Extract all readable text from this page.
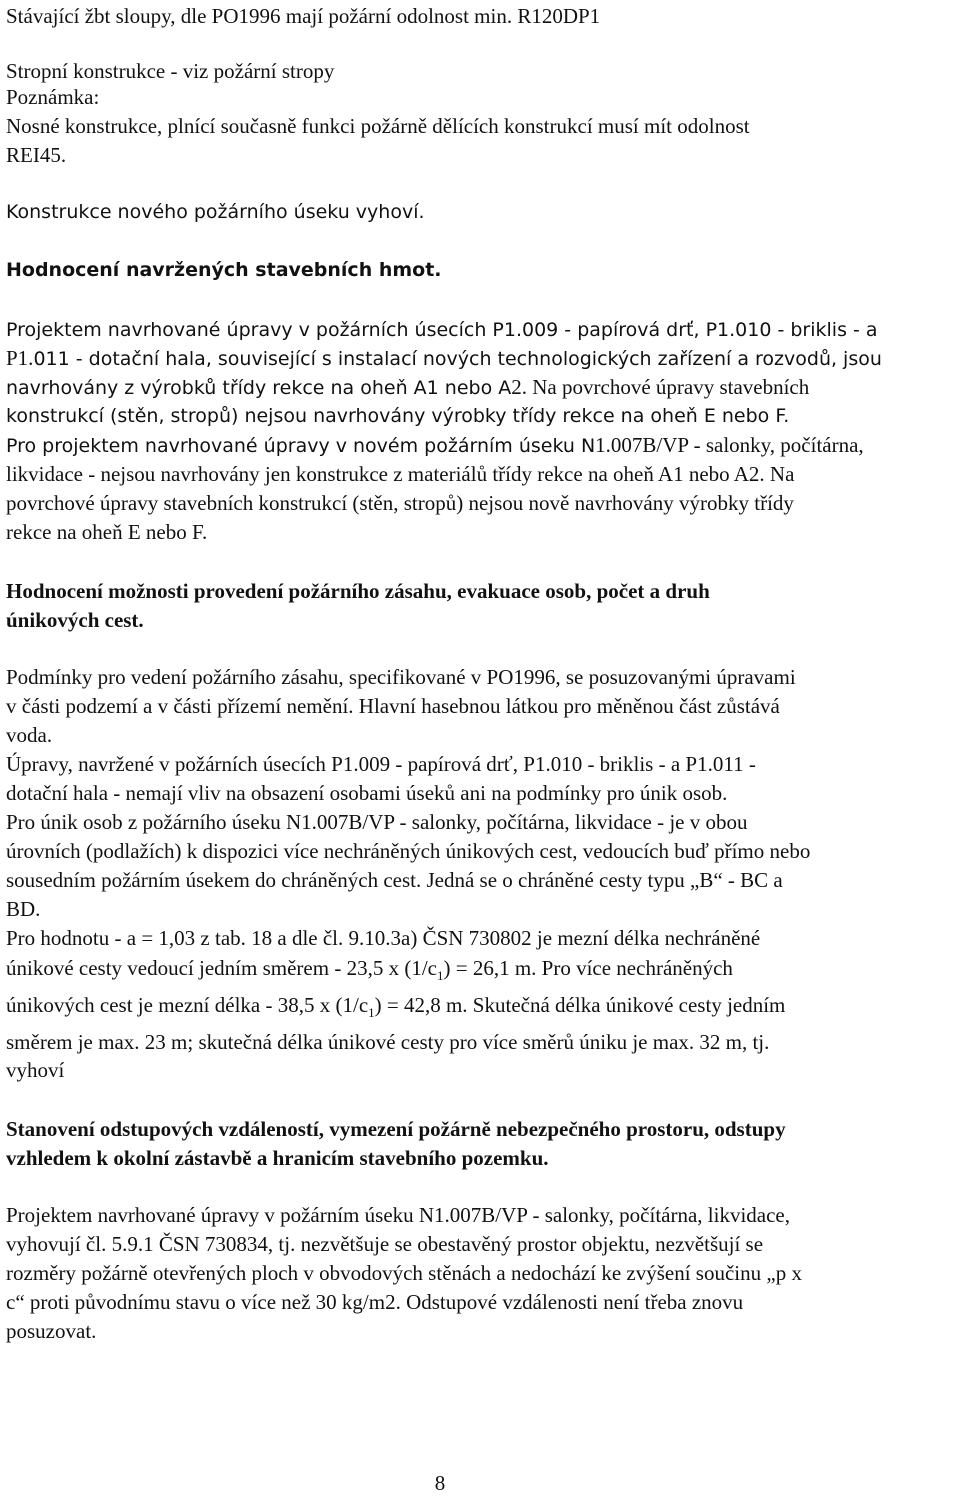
Stávající žbt sloupy, dle PO1996 mají požární odolnost min. R120DP1

Stropní konstrukce - viz požární stropy

Poznámka:

Nosné konstrukce, plnící současně funkci požárně dělících konstrukcí musí mít odolnost

REI45.

Konstrukce nového požárního úseku vyhoví.

Hodnocení navržených stavebních hmot.

Projektem navrhované úpravy v požárních úsecích P1.009 - papírová drť, P1.010 - briklis - a

P1.011 - dotační hala, související s instalací nových technologických zařízení a rozvodů, jsou

navrhovány z výrobků třídy rekce na oheň A1 nebo A2. Na povrchové úpravy stavebních

konstrukcí (stěn, stropů) nejsou navrhovány výrobky třídy rekce na oheň E nebo F.

Pro projektem navrhované úpravy v novém požárním úseku N1.007B/VP - salonky, počítárna,

likvidace - nejsou navrhovány jen konstrukce z materiálů třídy rekce na oheň A1 nebo A2. Na

povrchové úpravy stavebních konstrukcí (stěn, stropů) nejsou nově navrhovány výrobky třídy

rekce na oheň E nebo F.

Hodnocení možnosti provedení požárního zásahu, evakuace osob, počet a druh

únikových cest.

Podmínky pro vedení požárního zásahu, specifikované v PO1996, se posuzovanými úpravami

v části podzemí a v části přízemí nemění. Hlavní hasebnou látkou pro měněnou část zůstává

voda.

Úpravy, navržené v požárních úsecích P1.009 - papírová drť, P1.010 - briklis - a P1.011 -

dotační hala - nemají vliv na obsazení osobami úseků ani na podmínky pro únik osob.

Pro únik osob z požárního úseku N1.007B/VP - salonky, počítárna, likvidace - je v obou

úrovních (podlažích) k dispozici více nechráněných únikových cest, vedoucích buď přímo nebo

sousedním požárním úsekem do chráněných cest. Jedná se o chráněné cesty typu „B“ - BC a

BD.

Pro hodnotu - a = 1,03 z tab. 18 a dle čl. 9.10.3a) ČSN 730802 je mezní délka nechráněné

únikové cesty vedoucí jedním směrem - 23,5 x $(1/c_1) = 26,1$ m. Pro více nechráněných

únikových cest je mezní délka - 38,5 x $(1/c_1) = 42,8$ m. Skutečná délka únikové cesty jedním

směrem je max. 23 m; skutečná délka únikové cesty pro více směrů úniku je max. 32 m, tj.

vyhoví

Stanovení odstupových vzdáleností, vymezení požárně nebezpečného prostoru, odstupy

vzhledem k okolní zástavbě a hranicím stavebního pozemku.

Projektem navrhované úpravy v požárním úseku N1.007B/VP - salonky, počítárna, likvidace,

vyhovují čl. 5.9.1 ČSN 730834, tj. nezvětšuje se obestavěný prostor objektu, nezvětšují se

rozměry požárně otevřených ploch v obvodových stěnách a nedochází ke zvýšení součinu „p x

c“ proti původnímu stavu o více než 30 kg/m2. Odstupové vzdálenosti není třeba znovu

posuzovat.

8
